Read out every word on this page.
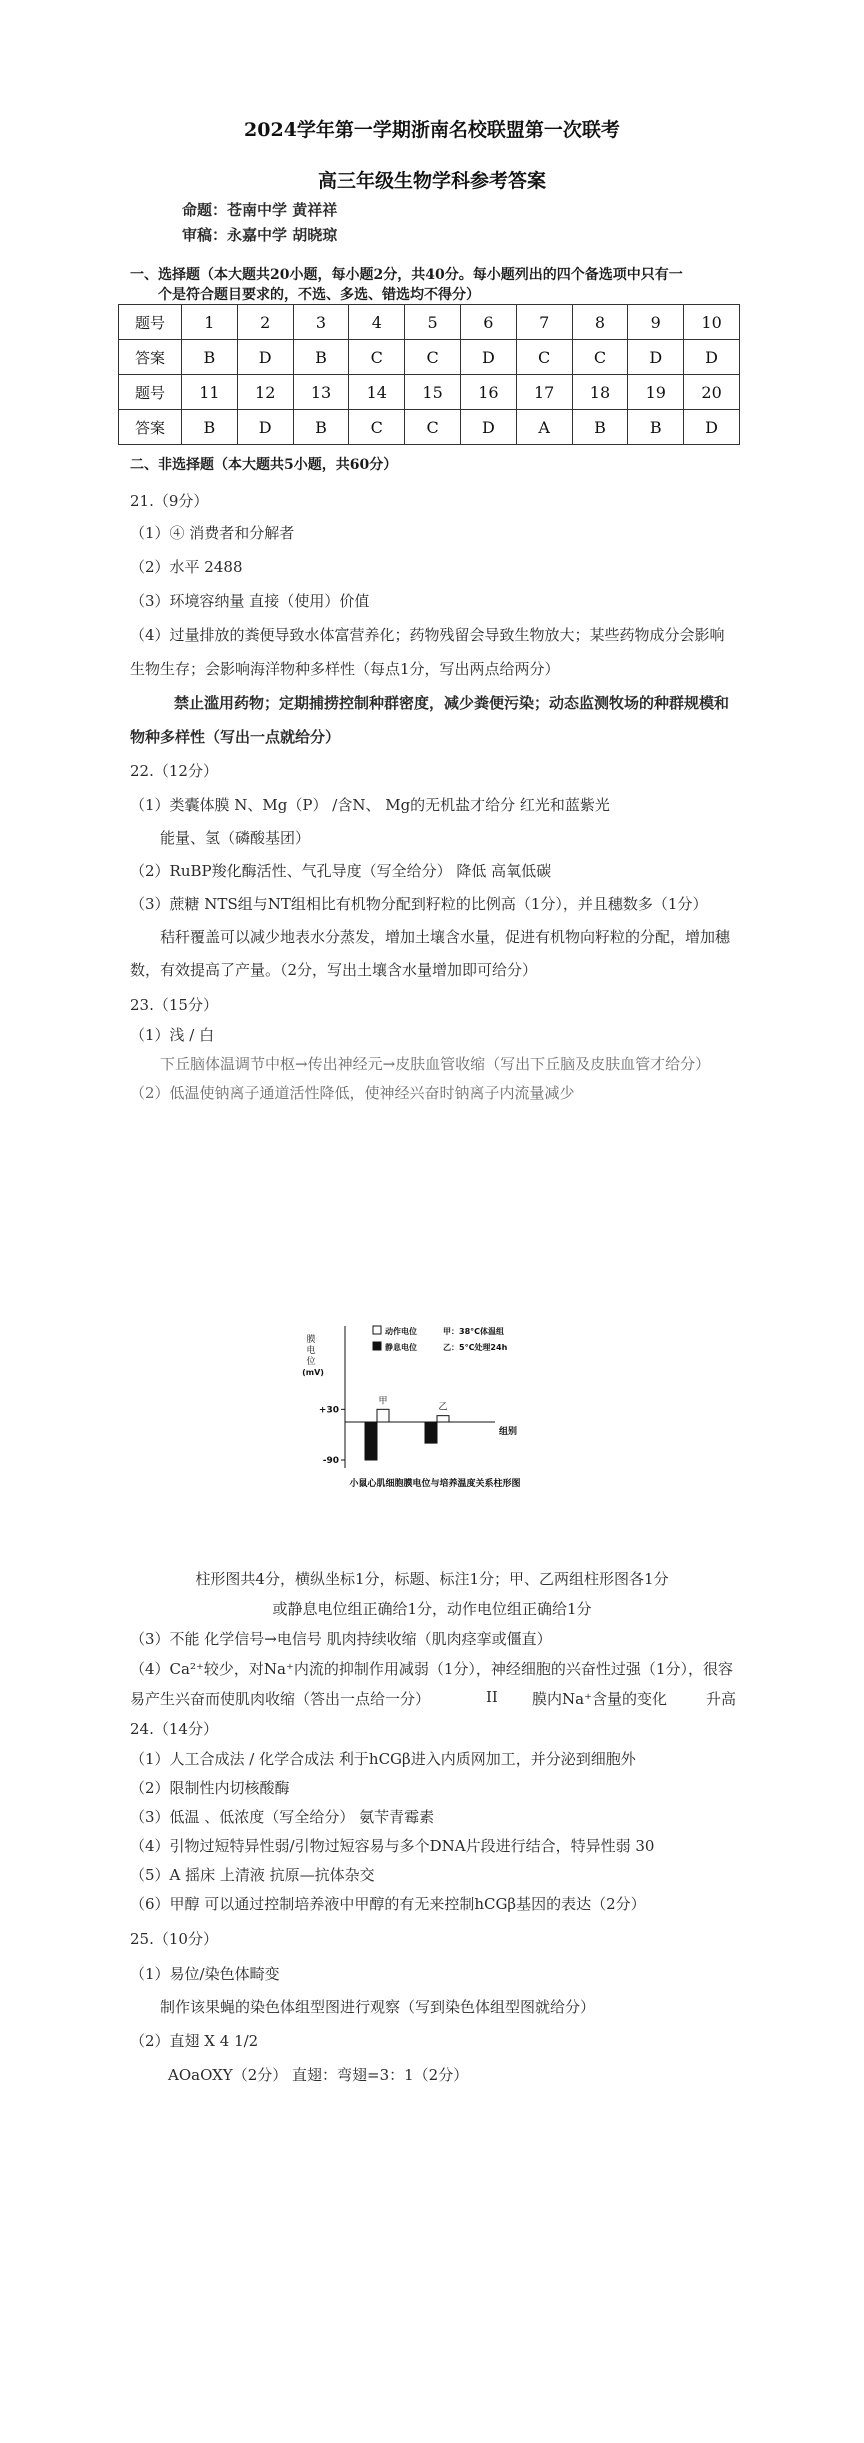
2024学年第一学期浙南名校联盟第一次联考
高三年级生物学科参考答案
命题：苍南中学 黄祥祥
审稿：永嘉中学 胡晓琼
一、选择题（本大题共20小题，每小题2分，共40分。每小题列出的四个备选项中只有一
个是符合题目要求的，不选、多选、错选均不得分）
题号	1	2	3	4	5	6	7	8	9	10
答案	B	D	B	C	C	D	C	C	D	D
题号	11	12	13	14	15	16	17	18	19	20
答案	B	D	B	C	C	D	A	B	B	D
二、非选择题（本大题共5小题，共60分）
21.（9分）
（1）④ 消费者和分解者
（2）水平 2488
（3）环境容纳量 直接（使用）价值
（4）过量排放的粪便导致水体富营养化；药物残留会导致生物放大；某些药物成分会影响
生物生存；会影响海洋物种多样性（每点1分，写出两点给两分）
禁止滥用药物；定期捕捞控制种群密度，减少粪便污染；动态监测牧场的种群规模和
物种多样性（写出一点就给分）
22.（12分）
（1）类囊体膜 N、Mg（P） /含N、 Mg的无机盐才给分 红光和蓝紫光
能量、氢（磷酸基团）
（2）RuBP羧化酶活性、气孔导度（写全给分） 降低 高氧低碳
（3）蔗糖 NTS组与NT组相比有机物分配到籽粒的比例高（1分），并且穗数多（1分）
秸秆覆盖可以减少地表水分蒸发，增加土壤含水量，促进有机物向籽粒的分配，增加穗
数，有效提高了产量。（2分，写出土壤含水量增加即可给分）
23.（15分）
（1）浅 / 白
下丘脑体温调节中枢→传出神经元→皮肤血管收缩（写出下丘脑及皮肤血管才给分）
（2）低温使钠离子通道活性降低，使神经兴奋时钠离子内流量减少
膜
电
位
(mV)
+30
-90
组别
甲
乙
动作电位
静息电位
甲：38°C体温组
乙：5°C处理24h
小鼠心肌细胞膜电位与培养温度关系柱形图
柱形图共4分，横纵坐标1分，标题、标注1分；甲、乙两组柱形图各1分
或静息电位组正确给1分，动作电位组正确给1分
（3）不能 化学信号→电信号 肌肉持续收缩（肌肉痉挛或僵直）
（4）Ca²⁺较少，对Na⁺内流的抑制作用减弱（1分），神经细胞的兴奋性过强（1分），很容
易产生兴奋而使肌肉收缩（答出一点给一分）	II 膜内Na⁺含量的变化	升高
24.（14分）
（1）人工合成法 / 化学合成法 利于hCGβ进入内质网加工，并分泌到细胞外
（2）限制性内切核酸酶
（3）低温 、低浓度（写全给分） 氨苄青霉素
（4）引物过短特异性弱/引物过短容易与多个DNA片段进行结合，特异性弱 30
（5）A 摇床 上清液 抗原—抗体杂交
（6）甲醇 可以通过控制培养液中甲醇的有无来控制hCGβ基因的表达（2分）
25.（10分）
（1）易位/染色体畸变
制作该果蝇的染色体组型图进行观察（写到染色体组型图就给分）
（2）直翅 X 4 1/2
AOaOXY（2分） 直翅：弯翅=3：1（2分）
